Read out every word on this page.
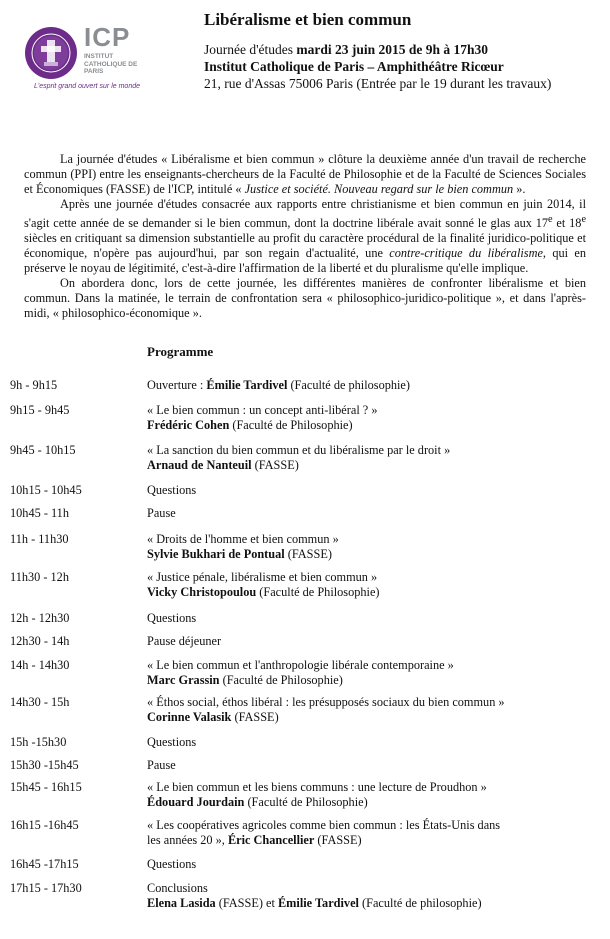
ICP
INSTITUT CATHOLIQUE DE PARIS
L'esprit grand ouvert sur le monde

Libéralisme et bien commun

Journée d'études mardi 23 juin 2015 de 9h à 17h30

Institut Catholique de Paris – Amphithéâtre Ricœur

21, rue d'Assas 75006 Paris (Entrée par le 19 durant les travaux)

La journée d'études « Libéralisme et bien commun » clôture la deuxième année d'un travail de recherche commun (PPI) entre les enseignants-chercheurs de la Faculté de Philosophie et de la Faculté de Sciences Sociales et Économiques (FASSE) de l'ICP, intitulé « Justice et société. Nouveau regard sur le bien commun ».

Après une journée d'études consacrée aux rapports entre christianisme et bien commun en juin 2014, il s'agit cette année de se demander si le bien commun, dont la doctrine libérale avait sonné le glas aux 17e et 18e siècles en critiquant sa dimension substantielle au profit du caractère procédural de la finalité juridico-politique et économique, n'opère pas aujourd'hui, par son regain d'actualité, une contre-critique du libéralisme, qui en préserve le noyau de légitimité, c'est-à-dire l'affirmation de la liberté et du pluralisme qu'elle implique.

On abordera donc, lors de cette journée, les différentes manières de confronter libéralisme et bien commun. Dans la matinée, le terrain de confrontation sera « philosophico-juridico-politique », et dans l'après-midi, « philosophico-économique ».

Programme
9h - 9h15	Ouverture : Émilie Tardivel (Faculté de philosophie)
9h15 - 9h45	« Le bien commun : un concept anti-libéral ? »
Frédéric Cohen (Faculté de Philosophie)
9h45 - 10h15	« La sanction du bien commun et du libéralisme par le droit »
Arnaud de Nanteuil (FASSE)
10h15 - 10h45	Questions
10h45 - 11h	Pause
11h - 11h30	« Droits de l'homme et bien commun »
Sylvie Bukhari de Pontual (FASSE)
11h30 - 12h	« Justice pénale, libéralisme et bien commun »
Vicky Christopoulou (Faculté de Philosophie)
12h - 12h30	Questions
12h30 - 14h	Pause déjeuner
14h - 14h30	« Le bien commun et l'anthropologie libérale contemporaine »
Marc Grassin (Faculté de Philosophie)
14h30 - 15h	« Éthos social, éthos libéral : les présupposés sociaux du bien commun »
Corinne Valasik (FASSE)
15h -15h30	Questions
15h30 -15h45	Pause
15h45 - 16h15	« Le bien commun et les biens communs : une lecture de Proudhon »
Édouard Jourdain (Faculté de Philosophie)
16h15 -16h45	« Les coopératives agricoles comme bien commun : les États-Unis dans
les années 20 », Éric Chancellier (FASSE)
16h45 -17h15	Questions
17h15 - 17h30	Conclusions
Elena Lasida (FASSE) et Émilie Tardivel (Faculté de philosophie)
